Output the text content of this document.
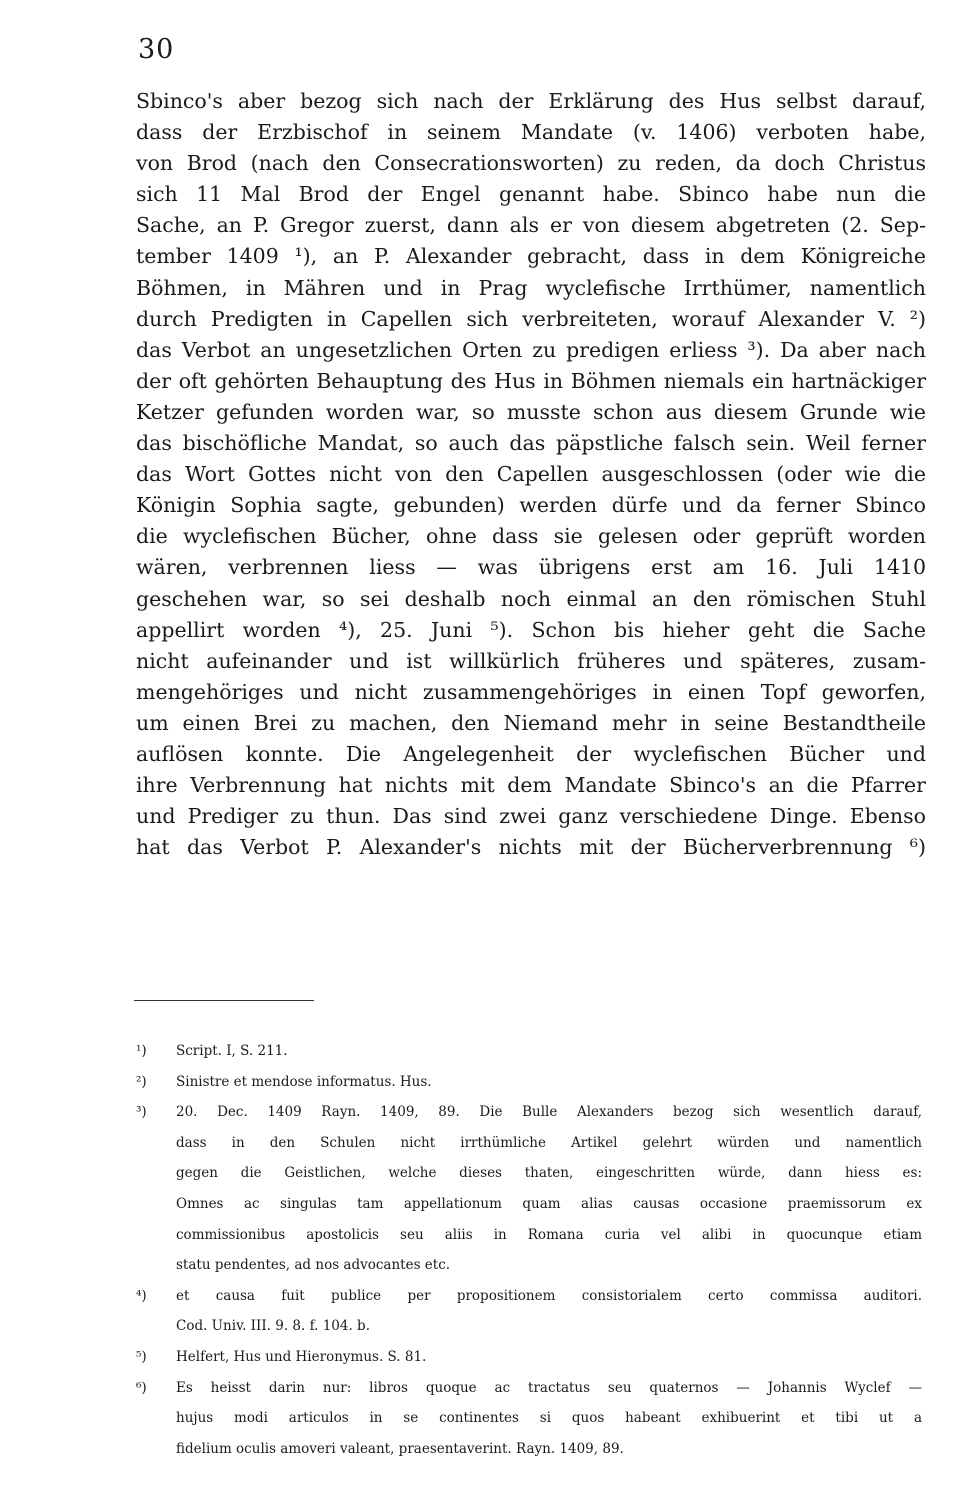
30
Sbinco's aber bezog sich nach der Erklärung des Hus selbst darauf,
dass der Erzbischof in seinem Mandate (v. 1406) verboten habe,
von Brod (nach den Consecrationsworten) zu reden, da doch Christus
sich 11 Mal Brod der Engel genannt habe. Sbinco habe nun die
Sache, an P. Gregor zuerst, dann als er von diesem abgetreten (2. Sep-
tember 1409 ¹), an P. Alexander gebracht, dass in dem Königreiche
Böhmen, in Mähren und in Prag wyclefische Irrthümer, namentlich
durch Predigten in Capellen sich verbreiteten, worauf Alexander V. ²)
das Verbot an ungesetzlichen Orten zu predigen erliess ³). Da aber nach
der oft gehörten Behauptung des Hus in Böhmen niemals ein hartnäckiger
Ketzer gefunden worden war, so musste schon aus diesem Grunde wie
das bischöfliche Mandat, so auch das päpstliche falsch sein. Weil ferner
das Wort Gottes nicht von den Capellen ausgeschlossen (oder wie die
Königin Sophia sagte, gebunden) werden dürfe und da ferner Sbinco
die wyclefischen Bücher, ohne dass sie gelesen oder geprüft worden
wären, verbrennen liess — was übrigens erst am 16. Juli 1410
geschehen war, so sei deshalb noch einmal an den römischen Stuhl
appellirt worden ⁴), 25. Juni ⁵). Schon bis hieher geht die Sache
nicht aufeinander und ist willkürlich früheres und späteres, zusam-
mengehöriges und nicht zusammengehöriges in einen Topf geworfen,
um einen Brei zu machen, den Niemand mehr in seine Bestandtheile
auflösen konnte. Die Angelegenheit der wyclefischen Bücher und
ihre Verbrennung hat nichts mit dem Mandate Sbinco's an die Pfarrer
und Prediger zu thun. Das sind zwei ganz verschiedene Dinge. Ebenso
hat das Verbot P. Alexander's nichts mit der Bücherverbrennung ⁶)
¹)	Script. I, S. 211.
²)	Sinistre et mendose informatus. Hus.
³)	20. Dec. 1409 Rayn. 1409, 89. Die Bulle Alexanders bezog sich wesentlich darauf,
dass in den Schulen nicht irrthümliche Artikel gelehrt würden und namentlich
gegen die Geistlichen, welche dieses thaten, eingeschritten würde, dann hiess es:
Omnes ac singulas tam appellationum quam alias causas occasione praemissorum ex
commissionibus apostolicis seu aliis in Romana curia vel alibi in quocunque etiam
statu pendentes, ad nos advocantes etc.
⁴)	et causa fuit publice per propositionem consistorialem certo commissa auditori.
Cod. Univ. III. 9. 8. f. 104. b.
⁵)	Helfert, Hus und Hieronymus. S. 81.
⁶)	Es heisst darin nur: libros quoque ac tractatus seu quaternos — Johannis Wyclef —
hujus modi articulos in se continentes si quos habeant exhibuerint et tibi ut a
fidelium oculis amoveri valeant, praesentaverint. Rayn. 1409, 89.
